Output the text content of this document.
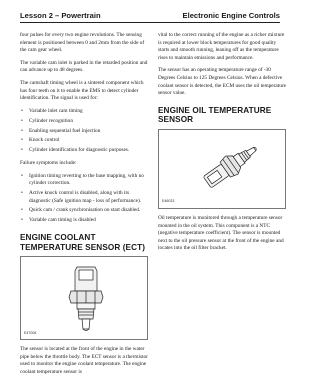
Lesson 2 – Powertrain	Electronic Engine Controls

four pulses for every two engine revolutions. The sensing element is positioned between 0 and 2mm from the side of the cam gear wheel.

The variable cam inlet is parked in the retarded position and can advance up to 48 degrees.

The camshaft timing wheel is a sintered component which has four teeth on it to enable the EMS to detect cylinder identification. The signal is used for:

• Variable inlet cam timing
• Cylinder recognition
• Enabling sequential fuel injection
• Knock control
• Cylinder identification for diagnostic purposes.

Failure symptoms include:

• Ignition timing reverting to the base mapping, with no cylinder correction.
• Active knock control is disabled, along with its diagnostic (Safe ignition map - loss of performance).
• Quick cam / crank synchronisation on start disabled.
• Variable cam timing is disabled
ENGINE COOLANT TEMPERATURE SENSOR (ECT)
E47008

The sensor is located at the front of the engine in the water pipe below the throttle body. The ECT sensor is a thermistor used to monitor the engine coolant temperature. The engine coolant temperature sensor is

vital to the correct running of the engine as a richer mixture is required at lower block temperatures for good quality starts and smooth running, leaning off as the temperature rises to maintain emissions and performance.

The sensor has an operating temperature range of -30 Degrees Celsius to 125 Degrees Celsius. When a defective coolant sensor is detected, the ECM uses the oil temperature sensor value.

ENGINE OIL TEMPERATURE SENSOR
E46033

Oil temperature is monitored through a temperature sensor mounted in the oil system. This component is a NTC (negative temperature coefficient). The sensor is mounted next to the oil pressure sensor at the front of the engine and locates into the oil filter bracket.
